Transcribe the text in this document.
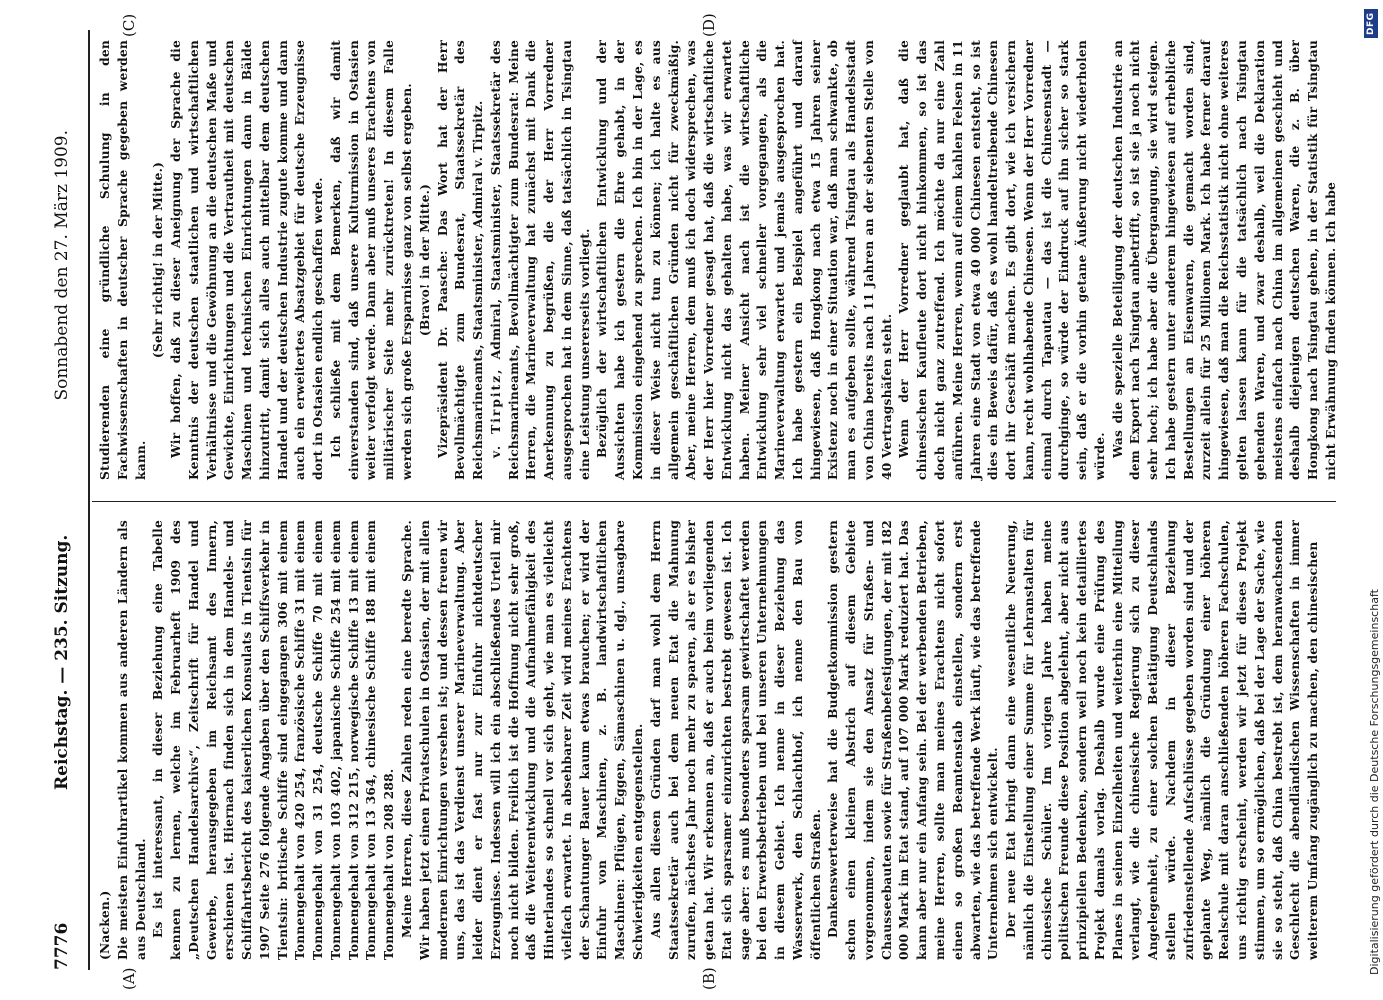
7776
Reichstag. — 235. Sitzung.
Sonnabend den 27. März 1909.
(A)	(B)
(C)	(D)

(Nacken.) Die meisten Einfuhrartikel kommen aus anderen Ländern als aus Deutschland. Es ist interessant, in dieser Beziehung eine Tabelle kennen zu lernen, welche im Februarheft 1909 des „Deutschen Handelsarchivs“, Zeitschrift für Handel und Gewerbe, herausgegeben im Reichsamt des Innern, erschienen ist. Hiernach finden sich in dem Handels- und Schiffahrtsbericht des kaiserlichen Konsulats in Tientsin für 1907 Seite 276 folgende Angaben über den Schiffsverkehr in Tientsin: britische Schiffe sind eingegangen 306 mit einem Tonnengehalt von 420 254, französische Schiffe 31 mit einem Tonnengehalt von 31 254, deutsche Schiffe 70 mit einem Tonnengehalt von 103 402, japanische Schiffe 254 mit einem Tonnengehalt von 312 215, norwegische Schiffe 13 mit einem Tonnengehalt von 13 364, chinesische Schiffe 188 mit einem Tonnengehalt von 208 288. Meine Herren, diese Zahlen reden eine beredte Sprache. Wir haben jetzt einen Privatschulen in Ostasien, der mit allen modernen Einrichtungen versehen ist; und dessen freuen wir uns, das ist das Verdienst unserer Marineverwaltung. Aber leider dient er fast nur zur Einfuhr nichtdeutscher Erzeugnisse. Indessen will ich ein abschließendes Urteil mir noch nicht bilden. Freilich ist die Hoffnung nicht sehr groß, daß die Weiterentwicklung und die Aufnahmefähigkeit des Hinterlandes so schnell vor sich geht, wie man es vielleicht vielfach erwartet. In absehbarer Zeit wird meines Erachtens der Schantunger Bauer kaum etwas brauchen; er wird der Einfuhr von Maschinen, z. B. landwirtschaftlichen Maschinen: Pflügen, Eggen, Sämaschinen u. dgl., unsagbare Schwierigkeiten entgegenstellen. Aus allen diesen Gründen darf man wohl dem Herrn Staatssekretär auch bei dem neuen Etat die Mahnung zurufen, nächstes Jahr noch mehr zu sparen, als er es bisher getan hat. Wir erkennen an, daß er auch beim vorliegenden Etat sich sparsamer einzurichten bestrebt gewesen ist. Ich sage aber: es muß besonders sparsam gewirtschaftet werden bei den Erwerbsbetrieben und bei unseren Unternehmungen in diesem Gebiet. Ich nenne in dieser Beziehung das Wasserwerk, den Schlachthof, ich nenne den Bau von öffentlichen Straßen. Dankenswerterweise hat die Budgetkommission gestern schon einen kleinen Abstrich auf diesem Gebiete vorgenommen, indem sie den Ansatz für Straßen- und Chausseebauten sowie für Straßenbefestigungen, der mit 182 000 Mark im Etat stand, auf 107 000 Mark reduziert hat. Das kann aber nur ein Anfang sein. Bei der werbenden Betrieben, meine Herren, sollte man meines Erachtens nicht sofort einen so großen Beamtenstab einstellen, sondern erst abwarten, wie das betreffende Werk läuft, wie das betreffende Unternehmen sich entwickelt. Der neue Etat bringt dann eine wesentliche Neuerung, nämlich die Einstellung einer Summe für Lehranstalten für chinesische Schüler. Im vorigen Jahre haben meine politischen Freunde diese Position abgelehnt, aber nicht aus prinzipiellen Bedenken, sondern weil noch kein detailliertes Projekt damals vorlag. Deshalb wurde eine Prüfung des Planes in seinen Einzelheiten und weiterhin eine Mitteilung verlangt, wie die chinesische Regierung sich zu dieser Angelegenheit, zu einer solchen Betätigung Deutschlands stellen würde. Nachdem in dieser Beziehung zufriedenstellende Aufschlüsse gegeben worden sind und der geplante Weg, nämlich die Gründung einer höheren Realschule mit daran anschließenden höheren Fachschulen, uns richtig erscheint, werden wir jetzt für dieses Projekt stimmen, um so ermöglichen, daß bei der Lage der Sache, wie sie so steht, daß China bestrebt ist, dem heranwachsenden Geschlecht die abendländischen Wissenschaften in immer weiterem Umfang zugänglich zu machen, den chinesischen

Studierenden eine gründliche Schulung in den Fachwissenschaften in deutscher Sprache gegeben werden kann.

(Sehr richtig! in der Mitte.) Wir hoffen, daß zu dieser Aneignung der Sprache die Kenntnis der deutschen staatlichen und wirtschaftlichen Verhältnisse und die Gewöhnung an die deutschen Maße und Gewichte, Einrichtungen und die Vertrautheit mit deutschen Maschinen und technischen Einrichtungen dann in Bälde hinzutritt, damit sich alles auch mittelbar dem deutschen Handel und der deutschen Industrie zugute komme und dann auch ein erweitertes Absatzgebiet für deutsche Erzeugnisse dort in Ostasien endlich geschaffen werde. Ich schließe mit dem Bemerken, daß wir damit einverstanden sind, daß unsere Kulturmission in Ostasien weiter verfolgt werde. Dann aber muß unseres Erachtens von militärischer Seite mehr zurücktreten! In diesem Falle werden sich große Ersparnisse ganz von selbst ergeben. (Bravo! in der Mitte.) Vizepräsident Dr. Paasche: Das Wort hat der Herr Bevollmächtigte zum Bundesrat, Staatssekretär des Reichsmarineamts, Staatsminister, Admiral v. Tirpitz. v. Tirpitz, Admiral, Staatsminister, Staatssekretär des Reichsmarineamts, Bevollmächtigter zum Bundesrat: Meine Herren, die Marineverwaltung hat zunächst mit Dank die Anerkennung zu begrüßen, die der Herr Vorredner ausgesprochen hat in dem Sinne, daß tatsächlich in Tsingtau eine Leistung unsererseits vorliegt. Bezüglich der wirtschaftlichen Entwicklung und der Aussichten habe ich gestern die Ehre gehabt, in der Kommission eingehend zu sprechen. Ich bin in der Lage, es in dieser Weise nicht tun zu können; ich halte es aus allgemein geschäftlichen Gründen nicht für zweckmäßig. Aber, meine Herren, dem muß ich doch widersprechen, was der Herr hier Vorredner gesagt hat, daß die wirtschaftliche Entwicklung nicht das gehalten habe, was wir erwartet haben. Meiner Ansicht nach ist die wirtschaftliche Entwicklung sehr viel schneller vorgegangen, als die Marineverwaltung erwartet und jemals ausgesprochen hat. Ich habe gestern ein Beispiel angeführt und darauf hingewiesen, daß Hongkong nach etwa 15 Jahren seiner Existenz noch in einer Situation war, daß man schwankte, ob man es aufgeben sollte, während Tsingtau als Handelsstadt von China bereits nach 11 Jahren an der siebenten Stelle von 40 Vertragshäfen steht. Wenn der Herr Vorredner geglaubt hat, daß die chinesischen Kaufleute dort nicht hinkommen, so ist das doch nicht ganz zutreffend. Ich möchte da nur eine Zahl anführen. Meine Herren, wenn auf einem kahlen Felsen in 11 Jahren eine Stadt von etwa 40 000 Chinesen entsteht, so ist dies ein Beweis dafür, daß es wohl handeltreibende Chinesen dort ihr Geschäft machen. Es gibt dort, wie ich versichern kann, recht wohlhabende Chinesen. Wenn der Herr Vorredner einmal durch Tapautau — das ist die Chinesenstadt — durchginge, so würde der Eindruck auf ihn sicher so stark sein, daß er die vorhin getane Äußerung nicht wiederholen würde. Was die spezielle Beteiligung der deutschen Industrie an dem Export nach Tsingtau anbetrifft, so ist sie ja noch nicht sehr hoch; ich habe aber die Übergangung, sie wird steigen. Ich habe gestern unter anderem hingewiesen auf erhebliche Bestellungen an Eisenwaren, die gemacht worden sind, zurzeit allein für 25 Millionen Mark. Ich habe ferner darauf hingewiesen, daß man die Reichsstatistik nicht ohne weiteres gelten lassen kann für die tatsächlich nach Tsingtau gehenden Waren, und zwar deshalb, weil die Deklaration meistens einfach nach China im allgemeinen geschieht und deshalb diejenigen deutschen Waren, die z. B. über Hongkong nach Tsingtau gehen, in der Statistik für Tsingtau nicht Erwähnung finden können. Ich habe

Digitalisierung gefördert durch die Deutsche Forschungsgemeinschaft
DFG
